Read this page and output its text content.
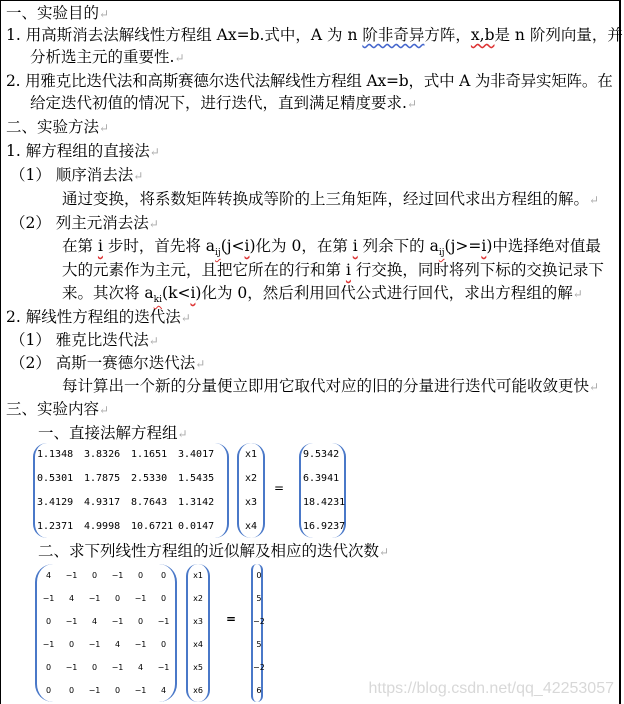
一、实验目的↵
1. 用高斯消去法解线性方程组 Ax=b.式中，A 为 n 阶非奇异方阵，x,b是 n 阶列向量，并
分析选主元的重要性.↵
2. 用雅克比迭代法和高斯赛德尔迭代法解线性方程组 Ax=b，式中 A 为非奇异实矩阵。在
给定迭代初值的情况下，进行迭代，直到满足精度要求.↵
二、实验方法↵
1. 解方程组的直接法↵
（1） 顺序消去法↵
通过变换，将系数矩阵转换成等阶的上三角矩阵，经过回代求出方程组的解。↵
（2） 列主元消去法↵
在第 i 步时，首先将 $a_{ij}(j<i)$化为 0，在第 i 列余下的 $a_{ij}(j>=i)$中选择绝对值最
大的元素作为主元，且把它所在的行和第 i 行交换，同时将列下标的交换记录下
来。其次将 $a_{ki}(k<i)$化为 0，然后利用回代公式进行回代，求出方程组的解↵
2. 解线性方程组的迭代法↵
（1） 雅克比迭代法↵
（2） 高斯一赛德尔迭代法↵
每计算出一个新的分量便立即用它取代对应的旧的分量进行迭代可能收敛更快↵
三、实验内容↵
一、直接法解方程组↵
1.1348	3.8326	1.1651	3.4017
0.5301	1.7875	2.5330	1.5435
3.4129	4.9317	8.7643	1.3142
1.2371	4.9998	10.6721 0.0147
x1
x2
x3
x4
=
9.5342
6.3941
18.4231
16.9237
二、求下列线性方程组的近似解及相应的迭代次数↵
4 −1 0 −1 0 0
−1 4 −1 0 −1 0
0 −1 4 −1 0 −1
−1 0 −1 4 −1 0
0 −1 0 −1 4 −1
0 0 −1 0 −1 4
x1
x2
x3
x4
x5
x6
=
0
5
−2
5
−2
6	https://blog.csdn.net/qq_42253057
